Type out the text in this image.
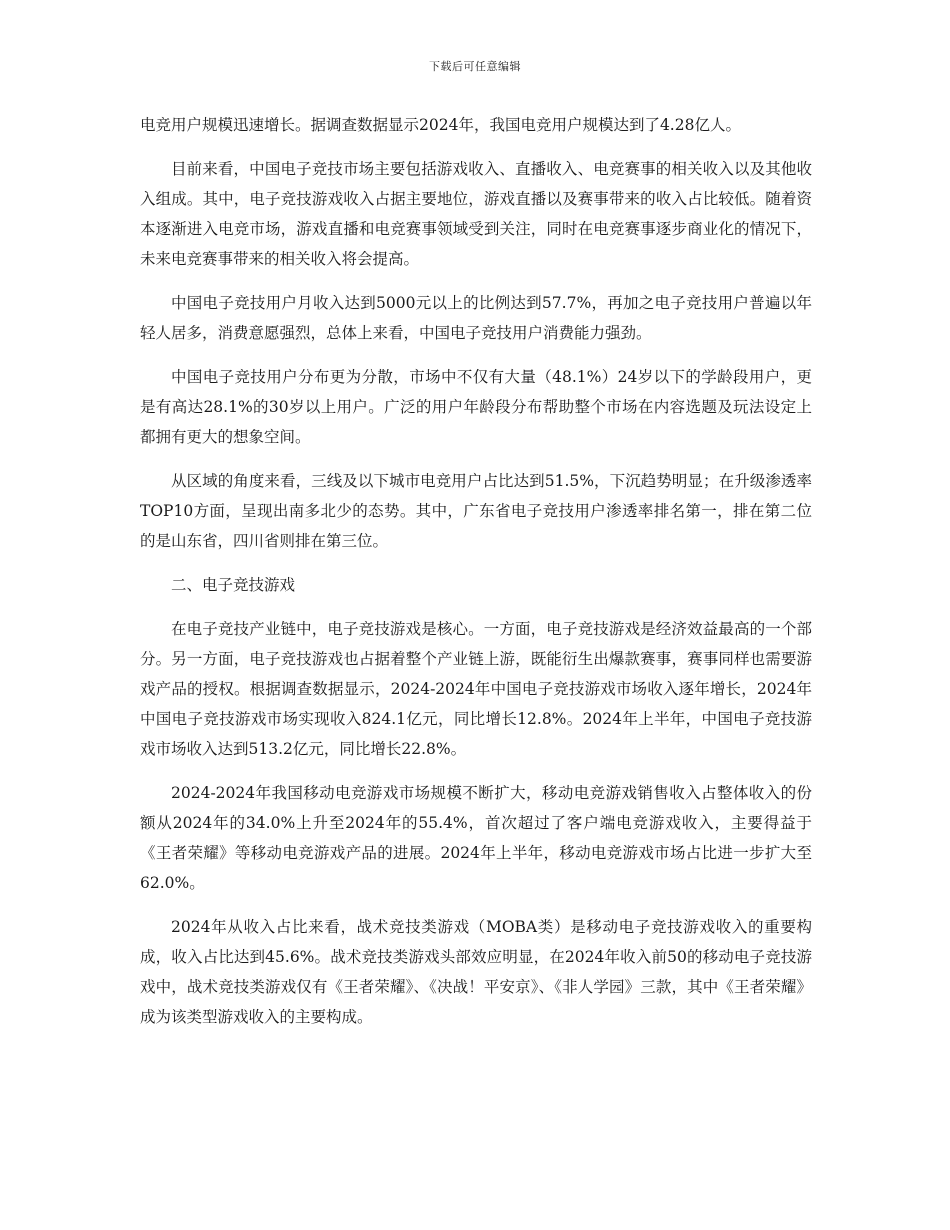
下载后可任意编辑

电竞用户规模迅速增长。据调查数据显示2024年，我国电竞用户规模达到了4.28亿人。

目前来看，中国电子竞技市场主要包括游戏收入、直播收入、电竞赛事的相关收入以及其他收入组成。其中，电子竞技游戏收入占据主要地位，游戏直播以及赛事带来的收入占比较低。随着资本逐渐进入电竞市场，游戏直播和电竞赛事领域受到关注，同时在电竞赛事逐步商业化的情况下，未来电竞赛事带来的相关收入将会提高。

中国电子竞技用户月收入达到5000元以上的比例达到57.7%，再加之电子竞技用户普遍以年轻人居多，消费意愿强烈，总体上来看，中国电子竞技用户消费能力强劲。

中国电子竞技用户分布更为分散，市场中不仅有大量（48.1%）24岁以下的学龄段用户，更是有高达28.1%的30岁以上用户。广泛的用户年龄段分布帮助整个市场在内容选题及玩法设定上都拥有更大的想象空间。

从区域的角度来看，三线及以下城市电竞用户占比达到51.5%，下沉趋势明显；在升级渗透率TOP10方面，呈现出南多北少的态势。其中，广东省电子竞技用户渗透率排名第一，排在第二位的是山东省，四川省则排在第三位。

二、电子竞技游戏

在电子竞技产业链中，电子竞技游戏是核心。一方面，电子竞技游戏是经济效益最高的一个部分。另一方面，电子竞技游戏也占据着整个产业链上游，既能衍生出爆款赛事，赛事同样也需要游戏产品的授权。根据调查数据显示，2024-2024年中国电子竞技游戏市场收入逐年增长，2024年中国电子竞技游戏市场实现收入824.1亿元，同比增长12.8%。2024年上半年，中国电子竞技游戏市场收入达到513.2亿元，同比增长22.8%。

2024-2024年我国移动电竞游戏市场规模不断扩大，移动电竞游戏销售收入占整体收入的份额从2024年的34.0%上升至2024年的55.4%，首次超过了客户端电竞游戏收入，主要得益于《王者荣耀》等移动电竞游戏产品的进展。2024年上半年，移动电竞游戏市场占比进一步扩大至62.0%。

2024年从收入占比来看，战术竞技类游戏（MOBA类）是移动电子竞技游戏收入的重要构成，收入占比达到45.6%。战术竞技类游戏头部效应明显，在2024年收入前50的移动电子竞技游戏中，战术竞技类游戏仅有《王者荣耀》、《决战！平安京》、《非人学园》三款，其中《王者荣耀》成为该类型游戏收入的主要构成。
